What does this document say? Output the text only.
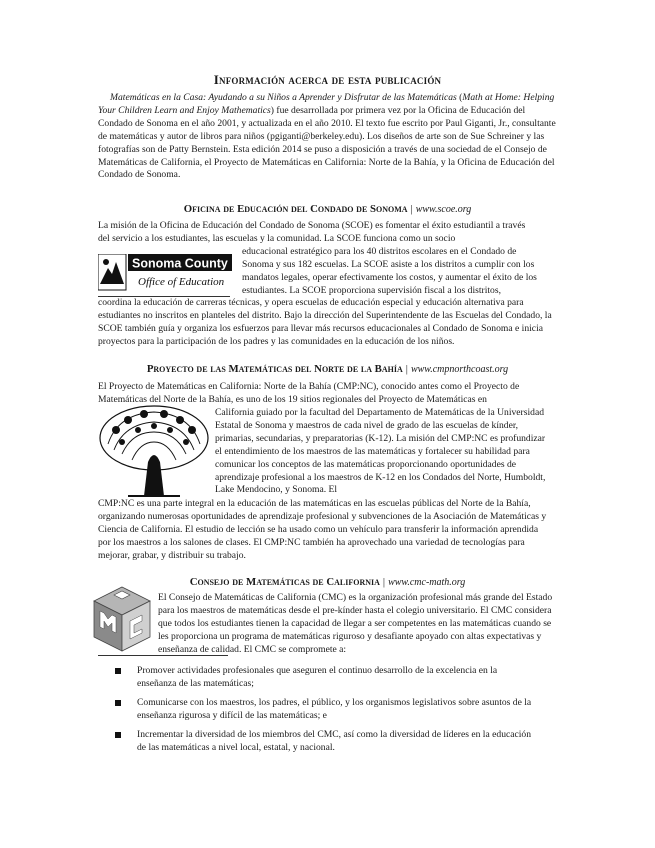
Información acerca de esta publicación

Matemáticas en la Casa: Ayudando a su Niños a Aprender y Disfrutar de las Matemáticas (Math at Home: Helping Your Children Learn and Enjoy Mathematics) fue desarrollada por primera vez por la Oficina de Educación del Condado de Sonoma en el año 2001, y actualizada en el año 2010. El texto fue escrito por Paul Giganti, Jr., consultante de matemáticas y autor de libros para niños (pgiganti@berkeley.edu). Los diseños de arte son de Sue Schreiner y las fotografías son de Patty Bernstein. Esta edición 2014 se puso a disposición a través de una sociedad de el Consejo de Matemáticas de California, el Proyecto de Matemáticas en California: Norte de la Bahía, y la Oficina de Educación del Condado de Sonoma.

Oficina de Educación del Condado de Sonoma | www.scoe.org

La misión de la Oficina de Educación del Condado de Sonoma (SCOE) es fomentar el éxito estudiantil a través del servicio a los estudiantes, las escuelas y la comunidad. La SCOE funciona como un socio

Sonoma County
Office of Education

educacional estratégico para los 40 distritos escolares en el Condado de Sonoma y sus 182 escuelas. La SCOE asiste a los distritos a cumplir con los mandatos legales, operar efectivamente los costos, y aumentar el éxito de los estudiantes. La SCOE proporciona supervisión fiscal a los distritos,

coordina la educación de carreras técnicas, y opera escuelas de educación especial y educación alternativa para estudiantes no inscritos en planteles del distrito. Bajo la dirección del Superintendente de las Escuelas del Condado, la SCOE también guía y organiza los esfuerzos para llevar más recursos educacionales al Condado de Sonoma e inicia proyectos para la participación de los padres y las comunidades en la educación de los niños.

Proyecto de las Matemáticas del Norte de la Bahía | www.cmpnorthcoast.org

El Proyecto de Matemáticas en California: Norte de la Bahía (CMP:NC), conocido antes como el Proyecto de Matemáticas del Norte de la Bahía, es uno de los 19 sitios regionales del Proyecto de Matemáticas en

California guiado por la facultad del Departamento de Matemáticas de la Universidad Estatal de Sonoma y maestros de cada nivel de grado de las escuelas de kínder, primarias, secundarias, y preparatorias (K-12). La misión del CMP:NC es profundizar el entendimiento de los maestros de las matemáticas y fortalecer su habilidad para comunicar los conceptos de las matemáticas proporcionando oportunidades de aprendizaje profesional a los maestros de K-12 en los Condados del Norte, Humboldt, Lake Mendocino, y Sonoma. El

CMP:NC es una parte integral en la educación de las matemáticas en las escuelas públicas del Norte de la Bahía, organizando numerosas oportunidades de aprendizaje profesional y subvenciones de la Asociación de Matemáticas y Ciencia de California. El estudio de lección se ha usado como un vehículo para transferir la información aprendida por los maestros a los salones de clases. El CMP:NC también ha aprovechado una variedad de tecnologías para mejorar, grabar, y distribuir su trabajo.

Consejo de Matemáticas de California | www.cmc-math.org

El Consejo de Matemáticas de California (CMC) es la organización profesional más grande del Estado para los maestros de matemáticas desde el pre-kínder hasta el colegio universitario. El CMC considera que todos los estudiantes tienen la capacidad de llegar a ser competentes en las matemáticas cuando se les proporciona un programa de matemáticas riguroso y desafiante apoyado con altas expectativas y enseñanza de calidad. El CMC se compromete a:

Promover actividades profesionales que aseguren el continuo desarrollo de la excelencia en la enseñanza de las matemáticas;
Comunicarse con los maestros, los padres, el público, y los organismos legislativos sobre asuntos de la enseñanza rigurosa y difícil de las matemáticas; e
Incrementar la diversidad de los miembros del CMC, así como la diversidad de líderes en la educación de las matemáticas a nivel local, estatal, y nacional.
